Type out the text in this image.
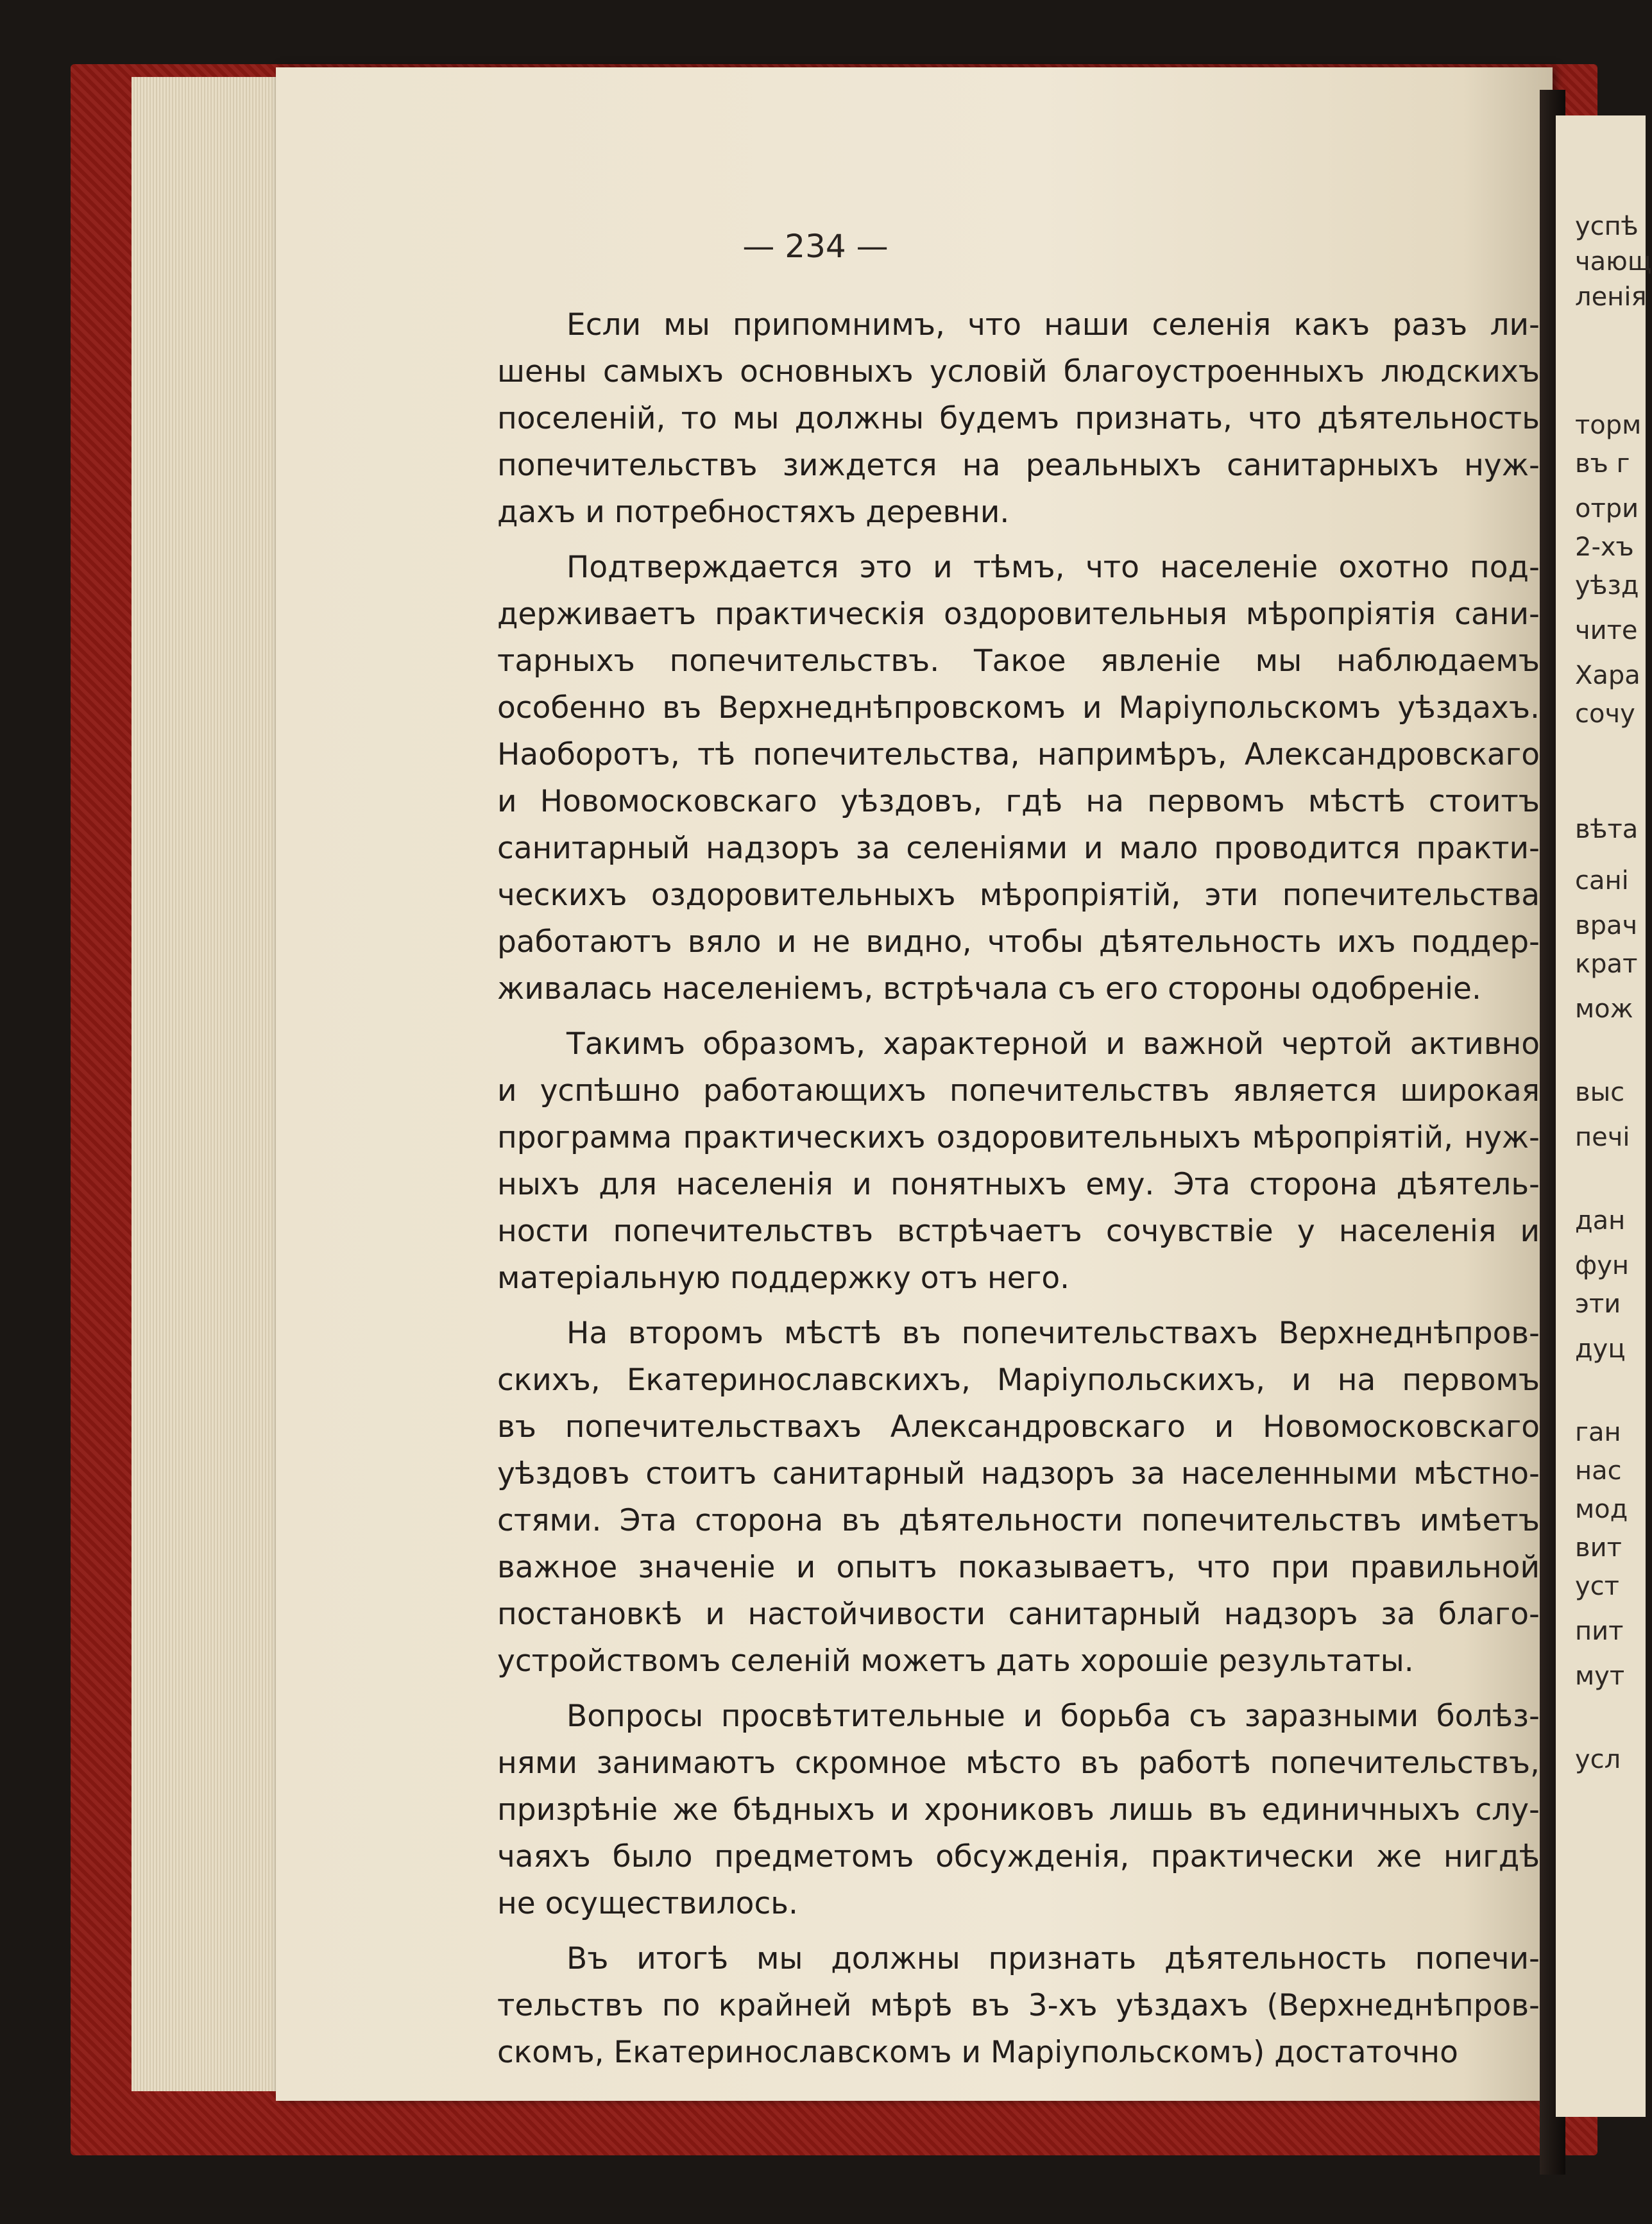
успѣ
чающ
ленія
торм
въ г
отри
2-хъ
уѣзд
чите
Хара
сочу
вѣта
сані
врач
крат
мож
выс
печі
дан
фун
эти
дуц
ган
нас
мод
вит
уст
пит
мут
усл
— 234 —
Если мы припомнимъ, что наши селенія какъ разъ ли-
шены самыхъ основныхъ условій благоустроенныхъ людскихъ
поселеній, то мы должны будемъ признать, что дѣятельность
попечительствъ зиждется на реальныхъ санитарныхъ нуж-
дахъ и потребностяхъ деревни.
Подтверждается это и тѣмъ, что населеніе охотно под-
держиваетъ практическія оздоровительныя мѣропріятія сани-
тарныхъ попечительствъ. Такое явленіе мы наблюдаемъ
особенно въ Верхнеднѣпровскомъ и Маріупольскомъ уѣздахъ.
Наоборотъ, тѣ попечительства, напримѣръ, Александровскаго
и Новомосковскаго уѣздовъ, гдѣ на первомъ мѣстѣ стоитъ
санитарный надзоръ за селеніями и мало проводится практи-
ческихъ оздоровительныхъ мѣропріятій, эти попечительства
работаютъ вяло и не видно, чтобы дѣятельность ихъ поддер-
живалась населеніемъ, встрѣчала съ его стороны одобреніе.
Такимъ образомъ, характерной и важной чертой активно
и успѣшно работающихъ попечительствъ является широкая
программа практическихъ оздоровительныхъ мѣропріятій, нуж-
ныхъ для населенія и понятныхъ ему. Эта сторона дѣятель-
ности попечительствъ встрѣчаетъ сочувствіе у населенія и
матеріальную поддержку отъ него.
На второмъ мѣстѣ въ попечительствахъ Верхнеднѣпров-
скихъ, Екатеринославскихъ, Маріупольскихъ, и на первомъ
въ попечительствахъ Александровскаго и Новомосковскаго
уѣздовъ стоитъ санитарный надзоръ за населенными мѣстно-
стями. Эта сторона въ дѣятельности попечительствъ имѣетъ
важное значеніе и опытъ показываетъ, что при правильной
постановкѣ и настойчивости санитарный надзоръ за благо-
устройствомъ селеній можетъ дать хорошіе результаты.
Вопросы просвѣтительные и борьба съ заразными болѣз-
нями занимаютъ скромное мѣсто въ работѣ попечительствъ,
призрѣніе же бѣдныхъ и хрониковъ лишь въ единичныхъ слу-
чаяхъ было предметомъ обсужденія, практически же нигдѣ
не осуществилось.
Въ итогѣ мы должны признать дѣятельность попечи-
тельствъ по крайней мѣрѣ въ 3-хъ уѣздахъ (Верхнеднѣпров-
скомъ, Екатеринославскомъ и Маріупольскомъ) достаточно
